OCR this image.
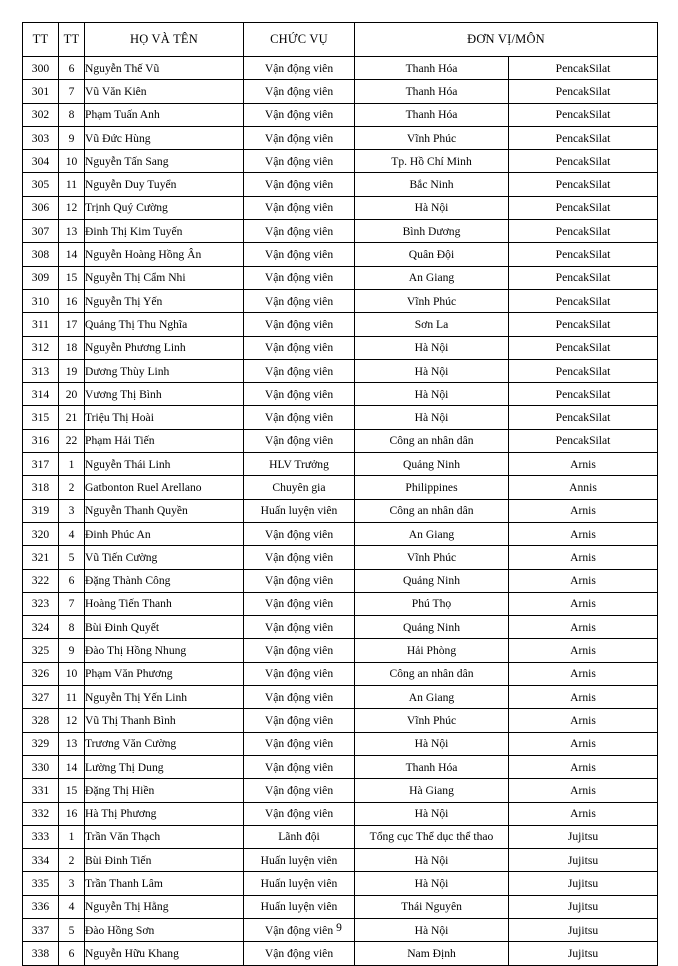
TT	TT	HỌ VÀ TÊN	CHỨC VỤ	ĐƠN VỊ/MÔN	
300	6	Nguyễn Thế Vũ	Vận động viên	Thanh Hóa	PencakSilat
301	7	Vũ Văn Kiên	Vận động viên	Thanh Hóa	PencakSilat
302	8	Phạm Tuấn Anh	Vận động viên	Thanh Hóa	PencakSilat
303	9	Vũ Đức Hùng	Vận động viên	Vĩnh Phúc	PencakSilat
304	10	Nguyễn Tấn Sang	Vận động viên	Tp. Hồ Chí Minh	PencakSilat
305	11	Nguyễn Duy Tuyển	Vận động viên	Bắc Ninh	PencakSilat
306	12	Trịnh Quý Cường	Vận động viên	Hà Nội	PencakSilat
307	13	Đinh Thị Kim Tuyến	Vận động viên	Bình Dương	PencakSilat
308	14	Nguyễn Hoàng Hồng Ân	Vận động viên	Quân Đội	PencakSilat
309	15	Nguyễn Thị Cẩm Nhi	Vận động viên	An Giang	PencakSilat
310	16	Nguyễn Thị Yến	Vận động viên	Vĩnh Phúc	PencakSilat
311	17	Quảng Thị Thu Nghĩa	Vận động viên	Sơn La	PencakSilat
312	18	Nguyễn Phương Linh	Vận động viên	Hà Nội	PencakSilat
313	19	Dương Thùy Linh	Vận động viên	Hà Nội	PencakSilat
314	20	Vương Thị Bình	Vận động viên	Hà Nội	PencakSilat
315	21	Triệu Thị Hoài	Vận động viên	Hà Nội	PencakSilat
316	22	Phạm Hải Tiến	Vận động viên	Công an nhân dân	PencakSilat
317	1	Nguyễn Thái Linh	HLV Trưởng	Quảng Ninh	Arnis
318	2	Gatbonton Ruel Arellano	Chuyên gia	Philippines	Annis
319	3	Nguyễn Thanh Quyền	Huấn luyện viên	Công an nhân dân	Arnis
320	4	Đinh Phúc An	Vận động viên	An Giang	Arnis
321	5	Vũ Tiến Cường	Vận động viên	Vĩnh Phúc	Arnis
322	6	Đặng Thành Công	Vận động viên	Quảng Ninh	Arnis
323	7	Hoàng Tiến Thanh	Vận động viên	Phú Thọ	Arnis
324	8	Bùi Đinh Quyết	Vận động viên	Quảng Ninh	Arnis
325	9	Đào Thị Hồng Nhung	Vận động viên	Hải Phòng	Arnis
326	10	Phạm Văn Phương	Vận động viên	Công an nhân dân	Arnis
327	11	Nguyễn Thị Yến Linh	Vận động viên	An Giang	Arnis
328	12	Vũ Thị Thanh Bình	Vận động viên	Vĩnh Phúc	Arnis
329	13	Trương Văn Cường	Vận động viên	Hà Nội	Arnis
330	14	Lường Thị Dung	Vận động viên	Thanh Hóa	Arnis
331	15	Đặng Thị Hiền	Vận động viên	Hà Giang	Arnis
332	16	Hà Thị Phương	Vận động viên	Hà Nội	Arnis
333	1	Trần Văn Thạch	Lãnh đội	Tổng cục Thể dục thể thao	Jujitsu
334	2	Bùi Đinh Tiến	Huấn luyện viên	Hà Nội	Jujitsu
335	3	Trần Thanh Lâm	Huấn luyện viên	Hà Nội	Jujitsu
336	4	Nguyễn Thị Hằng	Huấn luyện viên	Thái Nguyên	Jujitsu
337	5	Đào Hồng Sơn	Vận động viên	Hà Nội	Jujitsu
338	6	Nguyễn Hữu Khang	Vận động viên	Nam Định	Jujitsu
9
